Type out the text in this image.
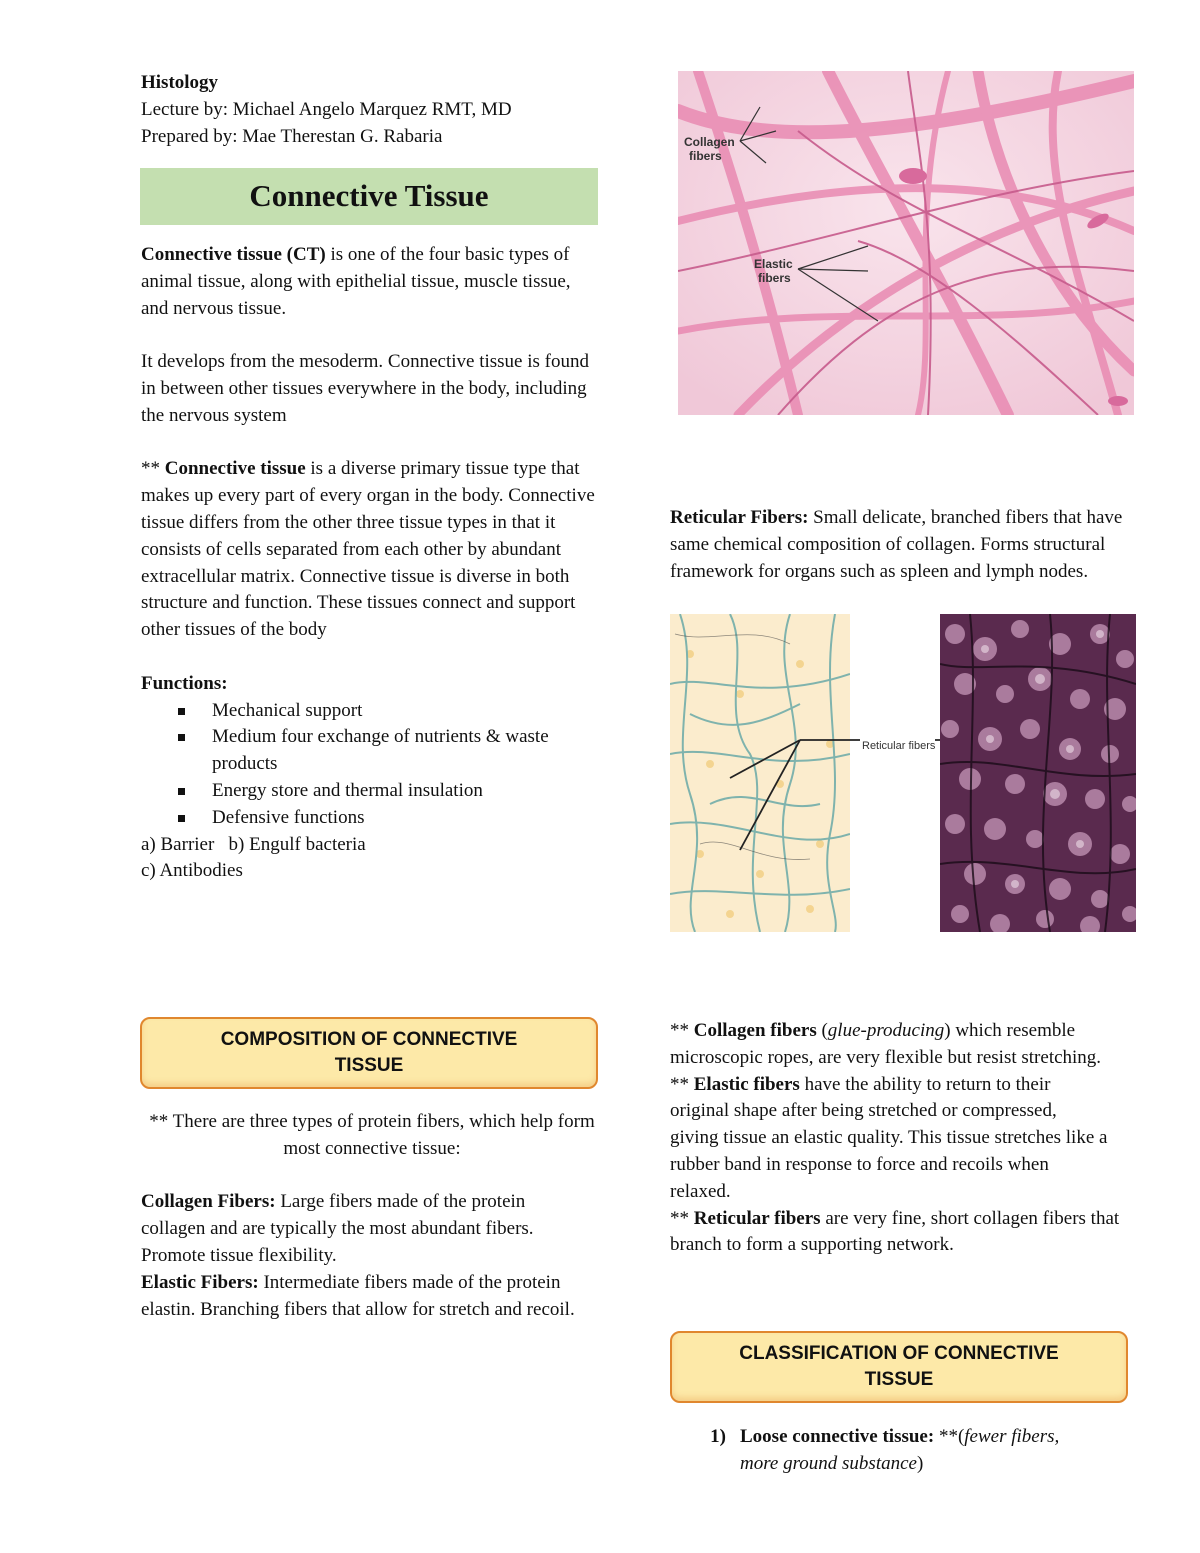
Histology

Lecture by: Michael Angelo Marquez RMT, MD

Prepared by: Mae Therestan G. Rabaria

Connective Tissue

Connective tissue (CT) is one of the four basic types of animal tissue, along with epithelial tissue, muscle tissue, and nervous tissue.

It develops from the mesoderm. Connective tissue is found in between other tissues everywhere in the body, including the nervous system

** Connective tissue is a diverse primary tissue type that makes up every part of every organ in the body. Connective tissue differs from the other three tissue types in that it consists of cells separated from each other by abundant extracellular matrix. Connective tissue is diverse in both structure and function. These tissues connect and support other tissues of the body

Functions:

Mechanical support
Medium four exchange of nutrients & waste products
Energy store and thermal insulation
Defensive functions

a) Barrier   b) Engulf bacteria

c) Antibodies

COMPOSITION OF CONNECTIVE
TISSUE

** There are three types of protein fibers, which help form most connective tissue:

Collagen Fibers: Large fibers made of the protein collagen and are typically the most abundant fibers. Promote tissue flexibility.

Elastic Fibers: Intermediate fibers made of the protein elastin. Branching fibers that allow for stretch and recoil.

Collagen
fibers
Elastic
fibers

Reticular Fibers: Small delicate, branched fibers that have same chemical composition of collagen. Forms structural framework for organs such as spleen and lymph nodes.

Reticular fibers

** Collagen fibers (glue-producing) which resemble microscopic ropes, are very flexible but resist stretching.

** Elastic fibers have the ability to return to their original shape after being stretched or compressed, giving tissue an elastic quality. This tissue stretches like a rubber band in response to force and recoils when relaxed.

** Reticular fibers are very fine, short collagen fibers that branch to form a supporting network.

CLASSIFICATION OF CONNECTIVE
TISSUE
1) Loose connective tissue: **(fewer fibers, more ground substance)
